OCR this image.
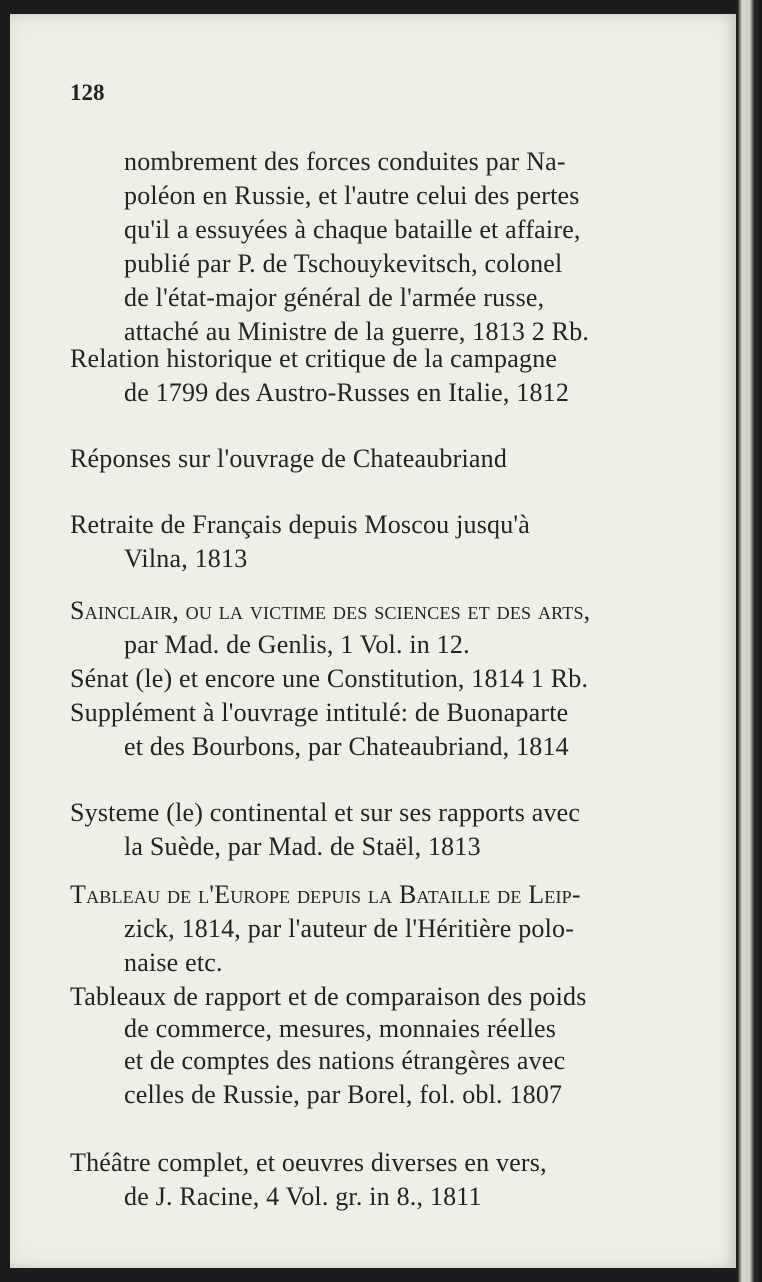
128
nombrement des forces conduites par Na-
poléon en Russie, et l'autre celui des pertes
qu'il a essuyées à chaque bataille et affaire,
publié par P. de Tschouykevitsch, colonel
de l'état-major général de l'armée russe,
attaché au Ministre de la guerre, 1813 2 Rb.
Relation historique et critique de la campagne
de 1799 des Austro-Russes en Italie, 1812
Réponses sur l'ouvrage de Chateaubriand
Retraite de Français depuis Moscou jusqu'à
Vilna, 1813
Sainclair, ou la victime des sciences et des arts,
par Mad. de Genlis, 1 Vol. in 12.
Sénat (le) et encore une Constitution, 1814 1 Rb.
Supplément à l'ouvrage intitulé: de Buonaparte
et des Bourbons, par Chateaubriand, 1814
Systeme (le) continental et sur ses rapports avec
la Suède, par Mad. de Staël, 1813
Tableau de l'Europe depuis la Bataille de Leip-
zick, 1814, par l'auteur de l'Héritière polo-
naise etc.
Tableaux de rapport et de comparaison des poids
de commerce, mesures, monnaies réelles
et de comptes des nations étrangères avec
celles de Russie, par Borel, fol. obl. 1807
Théâtre complet, et oeuvres diverses en vers,
de J. Racine, 4 Vol. gr. in 8., 1811
